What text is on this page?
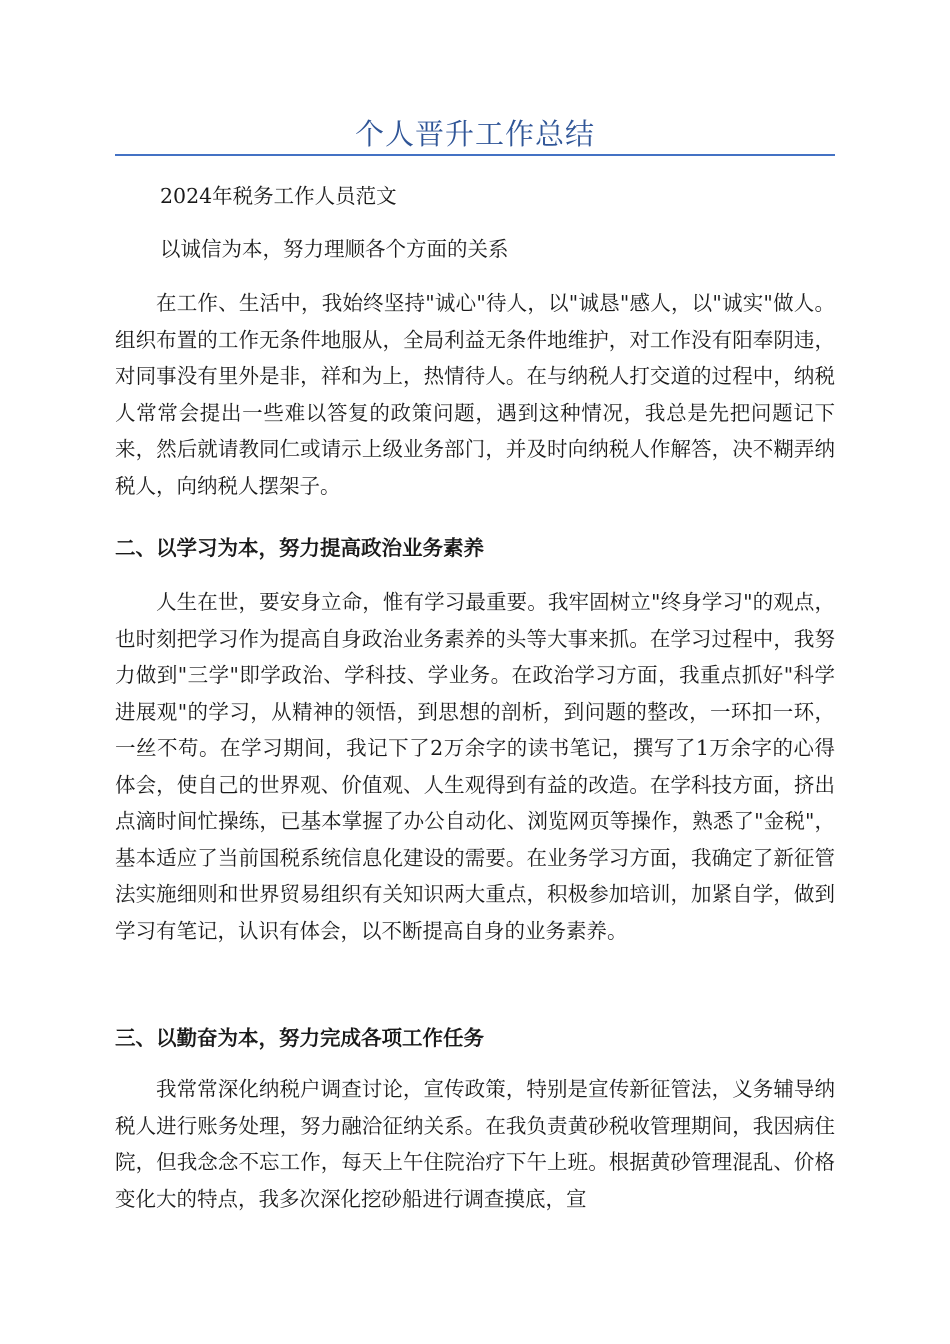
个人晋升工作总结

2024年税务工作人员范文

以诚信为本，努力理顺各个方面的关系

在工作、生活中，我始终坚持"诚心"待人，以"诚恳"感人，以"诚实"做人。组织布置的工作无条件地服从，全局利益无条件地维护，对工作没有阳奉阴违，对同事没有里外是非，祥和为上，热情待人。在与纳税人打交道的过程中，纳税人常常会提出一些难以答复的政策问题，遇到这种情况，我总是先把问题记下来，然后就请教同仁或请示上级业务部门，并及时向纳税人作解答，决不糊弄纳税人，向纳税人摆架子。

二、以学习为本，努力提高政治业务素养

人生在世，要安身立命，惟有学习最重要。我牢固树立"终身学习"的观点，也时刻把学习作为提高自身政治业务素养的头等大事来抓。在学习过程中，我努力做到"三学"即学政治、学科技、学业务。在政治学习方面，我重点抓好"科学进展观"的学习，从精神的领悟，到思想的剖析，到问题的整改，一环扣一环，一丝不苟。在学习期间，我记下了2万余字的读书笔记，撰写了1万余字的心得体会，使自己的世界观、价值观、人生观得到有益的改造。在学科技方面，挤出点滴时间忙操练，已基本掌握了办公自动化、浏览网页等操作，熟悉了"金税"，基本适应了当前国税系统信息化建设的需要。在业务学习方面，我确定了新征管法实施细则和世界贸易组织有关知识两大重点，积极参加培训，加紧自学，做到学习有笔记，认识有体会，以不断提高自身的业务素养。

三、以勤奋为本，努力完成各项工作任务

我常常深化纳税户调查讨论，宣传政策，特别是宣传新征管法，义务辅导纳税人进行账务处理，努力融洽征纳关系。在我负责黄砂税收管理期间，我因病住院，但我念念不忘工作，每天上午住院治疗下午上班。根据黄砂管理混乱、价格变化大的特点，我多次深化挖砂船进行调查摸底，宣
